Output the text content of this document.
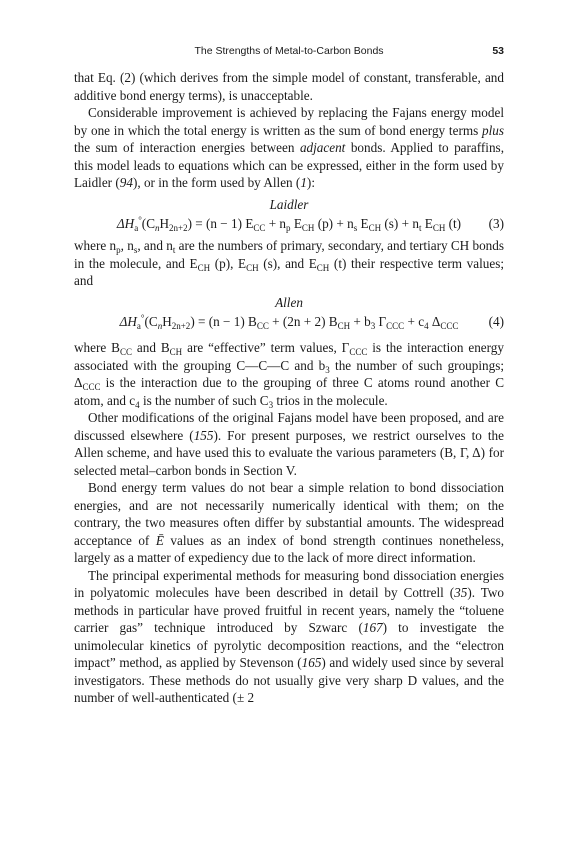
The Strengths of Metal-to-Carbon Bonds	53

that Eq. (2) (which derives from the simple model of constant, transferable, and additive bond energy terms), is unacceptable.

Considerable improvement is achieved by replacing the Fajans energy model by one in which the total energy is written as the sum of bond energy terms plus the sum of interaction energies between adjacent bonds. Applied to paraffins, this model leads to equations which can be expressed, either in the form used by Laidler (94), or in the form used by Allen (1):

Laidler
$\Delta H_a^\circ(C_nH_{2n+2}) = (n - 1) E_{CC} + n_p$ $E_{CH}$ $(p) + n_s$ $E_{CH}$ $(s) + n_t$ $E_{CH}$ (t) (3)

where $n_p$, $n_s$, and $n_t$ are the numbers of primary, secondary, and tertiary CH bonds in the molecule, and $E_{CH}$ (p), $E_{CH}$ (s), and $E_{CH}$ (t) their respective term values; and

Allen
$\Delta H_a^\circ(C_nH_{2n+2}) = (n - 1) B_{CC} + (2n + 2) B_{CH} + b_3$ $\Gamma_{CCC} + c_4$ $\Delta_{CCC}$ (4)

where $B_{CC}$ and $B_{CH}$ are “effective” term values, $\Gamma_{CCC}$ is the interaction energy associated with the grouping C—C—C and $b_3$ the number of such groupings; $\Delta_{CCC}$ is the interaction due to the grouping of three C atoms round another C atom, and $c_4$ is the number of such $C_3$ trios in the molecule.

Other modifications of the original Fajans model have been proposed, and are discussed elsewhere (155). For present purposes, we restrict ourselves to the Allen scheme, and have used this to evaluate the various parameters (B, Γ, Δ) for selected metal–carbon bonds in Section V.

Bond energy term values do not bear a simple relation to bond dissociation energies, and are not necessarily numerically identical with them; on the contrary, the two measures often differ by substantial amounts. The widespread acceptance of Ē values as an index of bond strength continues nonetheless, largely as a matter of expediency due to the lack of more direct information.

The principal experimental methods for measuring bond dissociation energies in polyatomic molecules have been described in detail by Cottrell (35). Two methods in particular have proved fruitful in recent years, namely the “toluene carrier gas” technique introduced by Szwarc (167) to investigate the unimolecular kinetics of pyrolytic decomposition reactions, and the “electron impact” method, as applied by Stevenson (165) and widely used since by several investigators. These methods do not usually give very sharp D values, and the number of well-authenticated (± 2
